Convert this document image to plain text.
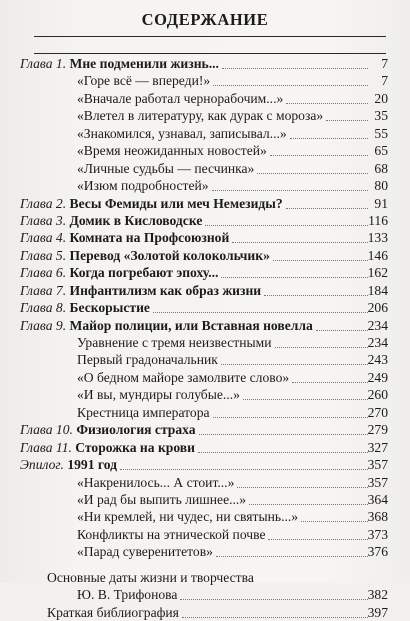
СОДЕРЖАНИЕ
Глава 1. Мне подменили жизнь...	7
«Горе всё — впереди!»	7
«Вначале работал чернорабочим...»	20
«Влетел в литературу, как дурак с мороза»	35
«Знакомился, узнавал, записывал...»	55
«Время неожиданных новостей»	65
«Личные судьбы — песчинка»	68
«Изюм подробностей»	80
Глава 2. Весы Фемиды или меч Немезиды?	91
Глава 3. Домик в Кисловодске	116
Глава 4. Комната на Профсоюзной	133
Глава 5. Перевод «Золотой колокольчик»	146
Глава 6. Когда погребают эпоху...	162
Глава 7. Инфантилизм как образ жизни	184
Глава 8. Бескорыстие	206
Глава 9. Майор полиции, или Вставная новелла	234
Уравнение с тремя неизвестными	234
Первый градоначальник	243
«О бедном майоре замолвите слово»	249
«И вы, мундиры голубые...»	260
Крестница императора	270
Глава 10. Физиология страха	279
Глава 11. Сторожка на крови	327
Эпилог. 1991 год	357
«Накренилось... А стоит...»	357
«И рад бы выпить лишнее...»	364
«Ни кремлей, ни чудес, ни святынь...»	368
Конфликты на этнической почве	373
«Парад суверенитетов»	376
Основные даты жизни и творчества
Ю. В. Трифонова	382
Краткая библиография	397
